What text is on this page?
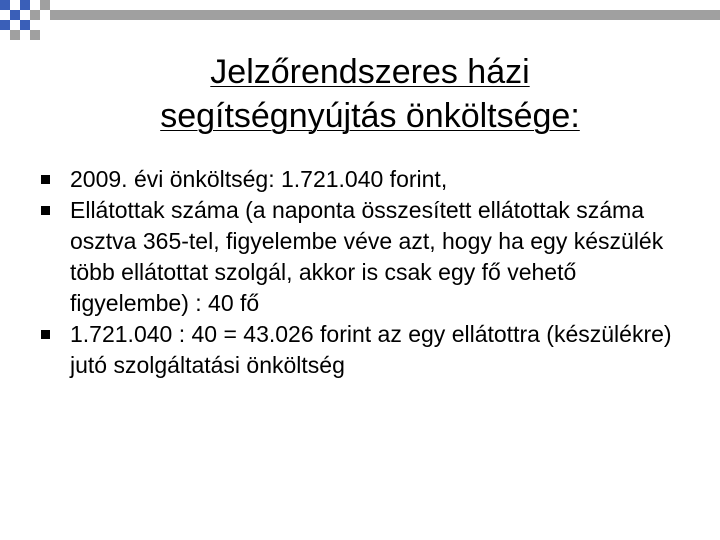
Jelzőrendszeres házi
segítségnyújtás önköltsége:
2009. évi önköltség: 1.721.040 forint,
Ellátottak száma (a naponta összesített ellátottak száma osztva 365-tel, figyelembe véve azt, hogy ha egy készülék több ellátottat szolgál, akkor is csak egy fő vehető figyelembe) : 40 fő
1.721.040 : 40 = 43.026 forint az egy ellátottra (készülékre) jutó szolgáltatási önköltség
